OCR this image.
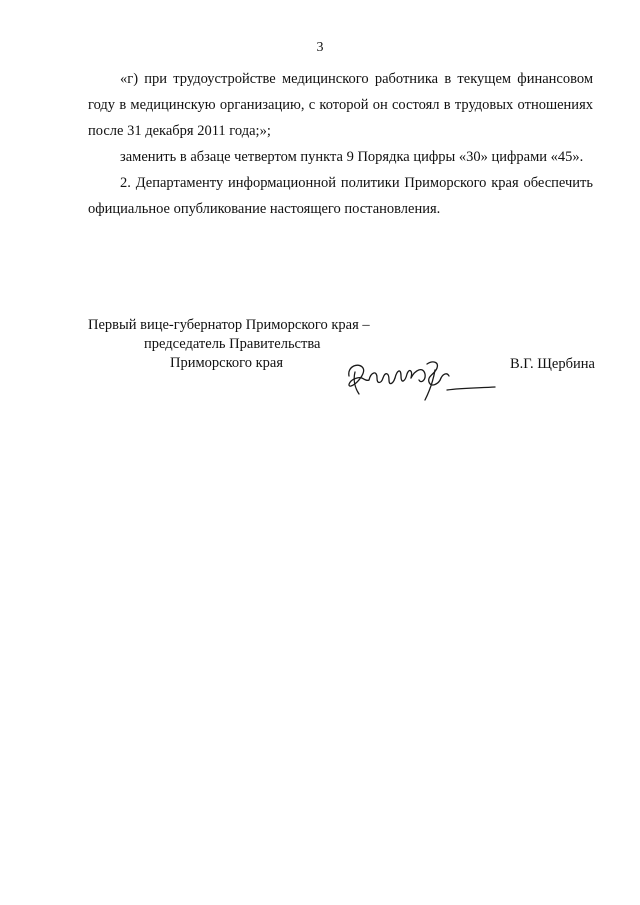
3

«г) при трудоустройстве медицинского работника в текущем финансовом году в медицинскую организацию, с которой он состоял в трудовых отношениях после 31 декабря 2011 года;»;

заменить в абзаце четвертом пункта 9 Порядка цифры «30» цифрами «45».

2. Департаменту информационной политики Приморского края обеспечить официальное опубликование настоящего постановления.

Первый вице-губернатор Приморского края –
председатель Правительства
Приморского края	В.Г. Щербина
